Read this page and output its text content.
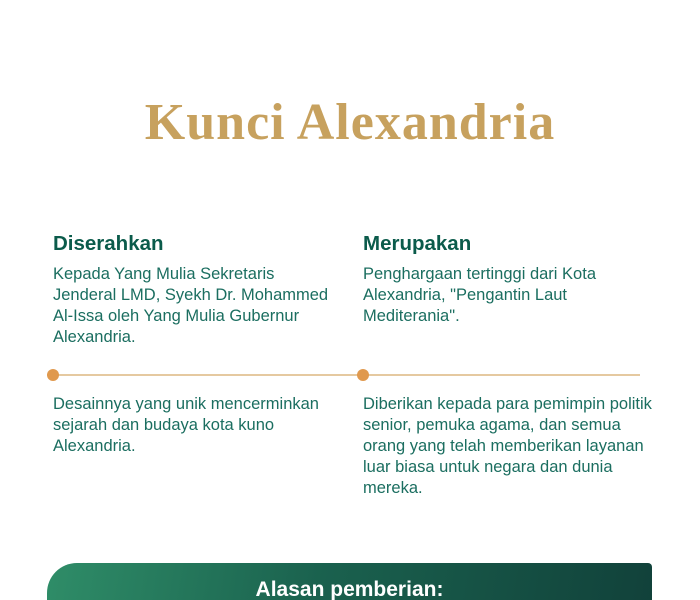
Kunci Alexandria
Diserahkan

Kepada Yang Mulia Sekretaris Jenderal LMD, Syekh Dr. Mohammed Al-Issa oleh Yang Mulia Gubernur Alexandria.

Merupakan

Penghargaan tertinggi dari Kota Alexandria, "Pengantin Laut Mediterania".

Desainnya yang unik mencerminkan sejarah dan budaya kota kuno Alexandria.

Diberikan kepada para pemimpin politik senior, pemuka agama, dan semua orang yang telah memberikan layanan luar biasa untuk negara dan dunia mereka.

Alasan pemberian:
